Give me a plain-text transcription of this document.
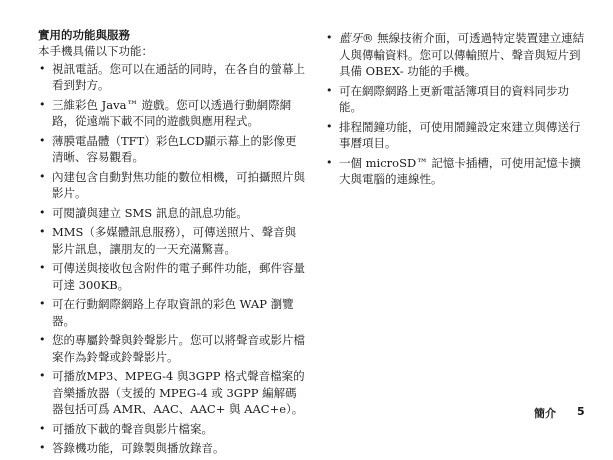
實用的功能與服務

本手機具備以下功能：

• 視訊電話。您可以在通話的同時，在各自的螢幕上看到對方。
• 三維彩色 Java™ 遊戲。您可以透過行動網際網路，從遠端下載不同的遊戲與應用程式。
• 薄膜電晶體（TFT）彩色LCD顯示幕上的影像更清晰、容易觀看。
• 內建包含自動對焦功能的數位相機，可拍攝照片與影片。
• 可閱讀與建立 SMS 訊息的訊息功能。
• MMS（多媒體訊息服務），可傳送照片、聲音與影片訊息，讓朋友的一天充滿驚喜。
• 可傳送與接收包含附件的電子郵件功能，郵件容量可達 300KB。
• 可在行動網際網路上存取資訊的彩色 WAP 瀏覽器。
• 您的專屬鈴聲與鈴聲影片。您可以將聲音或影片檔案作為鈴聲或鈴聲影片。
• 可播放MP3、MPEG-4 與3GPP 格式聲音檔案的音樂播放器（支援的 MPEG-4 或 3GPP 編解碼器包括可爲 AMR、AAC、AAC+ 與 AAC+e）。
• 可播放下載的聲音與影片檔案。
• 答錄機功能，可錄製與播放錄音。
• 藍牙® 無線技術介面，可透過特定裝置建立連結人與傳輸資料。您可以傳輸照片、聲音與短片到具備 OBEX- 功能的手機。
• 可在網際網路上更新電話簿項目的資料同步功能。
• 排程鬧鐘功能，可使用鬧鐘設定來建立與傳送行事曆項目。
• 一個 microSD™ 記憶卡插槽，可使用記憶卡擴大與電腦的連線性。
簡介 5
